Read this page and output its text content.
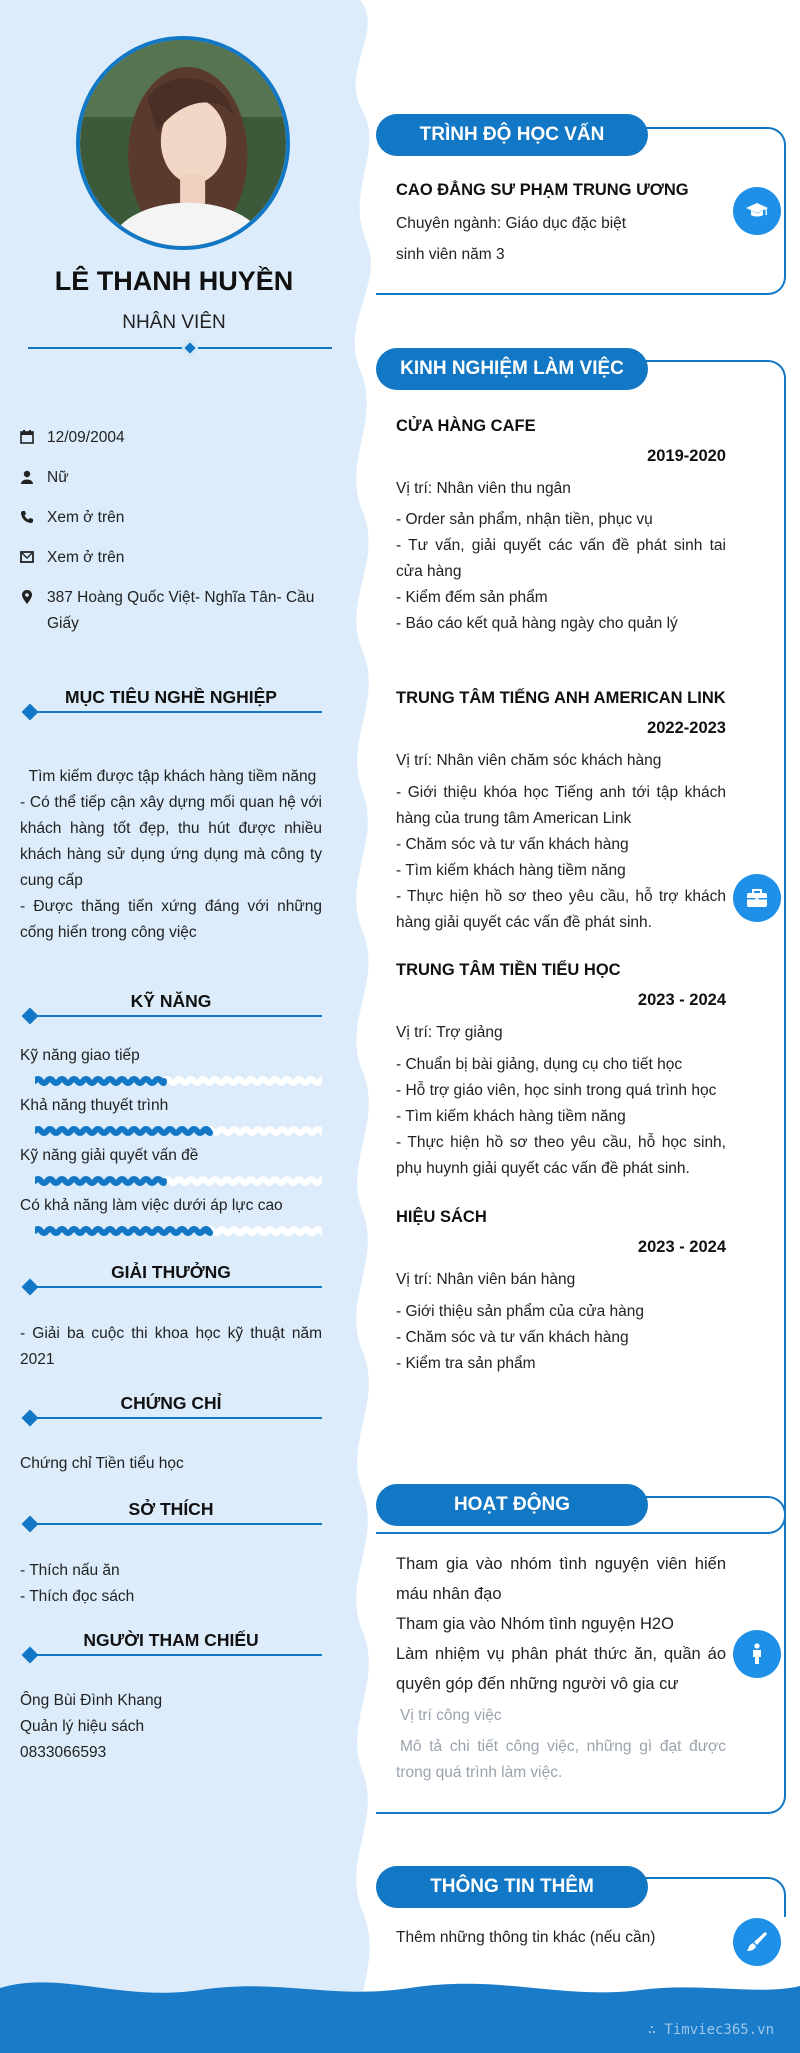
∴ Timviec365.vn
LÊ THANH HUYỀN
NHÂN VIÊN
12/09/2004
Nữ
Xem ở trên
Xem ở trên
387 Hoàng Quốc Việt- Nghĩa Tân- Cầu Giấy
MỤC TIÊU NGHỀ NGHIỆP
Tìm kiếm được tập khách hàng tiềm năng
- Có thể tiếp cận xây dựng mối quan hệ với khách hàng tốt đẹp, thu hút được nhiều khách hàng sử dụng ứng dụng mà công ty cung cấp
- Được thăng tiến xứng đáng với những cống hiến trong công việc
KỸ NĂNG
Kỹ năng giao tiếp
Khả năng thuyết trình
Kỹ năng giải quyết vấn đề
Có khả năng làm việc dưới áp lực cao
GIẢI THƯỞNG
- Giải ba cuộc thi khoa học kỹ thuật năm 2021
CHỨNG CHỈ
Chứng chỉ Tiền tiểu học
SỞ THÍCH
- Thích nấu ăn
- Thích đọc sách
NGƯỜI THAM CHIẾU
Ông Bùi Đình Khang
Quản lý hiệu sách
0833066593
TRÌNH ĐỘ HỌC VẤN
CAO ĐẲNG SƯ PHẠM TRUNG ƯƠNG
Chuyên ngành: Giáo dục đặc biệt
sinh viên năm 3
KINH NGHIỆM LÀM VIỆC
CỬA HÀNG CAFE
2019-2020
Vị trí: Nhân viên thu ngân
- Order sản phẩm, nhận tiền, phục vụ
- Tư vấn, giải quyết các vấn đề phát sinh tai cửa hàng
- Kiểm đếm sản phẩm
- Báo cáo kết quả hàng ngày cho quản lý
TRUNG TÂM TIẾNG ANH AMERICAN LINK
2022-2023
Vị trí: Nhân viên chăm sóc khách hàng
- Giới thiệu khóa học Tiếng anh tới tập khách hàng của trung tâm American Link
- Chăm sóc và tư vấn khách hàng
- Tìm kiếm khách hàng tiềm năng
- Thực hiện hồ sơ theo yêu cầu, hỗ trợ khách hàng giải quyết các vấn đề phát sinh.
TRUNG TÂM TIỀN TIỂU HỌC
2023 - 2024
Vị trí: Trợ giảng
- Chuẩn bị bài giảng, dụng cụ cho tiết học
- Hỗ trợ giáo viên, học sinh trong quá trình học
- Tìm kiếm khách hàng tiềm năng
- Thực hiện hồ sơ theo yêu cầu, hỗ học sinh, phụ huynh giải quyết các vấn đề phát sinh.
HIỆU SÁCH
2023 - 2024
Vị trí: Nhân viên bán hàng
- Giới thiệu sản phẩm của cửa hàng
- Chăm sóc và tư vấn khách hàng
- Kiểm tra sản phẩm
HOẠT ĐỘNG
Tham gia vào nhóm tình nguyện viên hiến máu nhân đạo
Tham gia vào Nhóm tình nguyện H2O
Làm nhiệm vụ phân phát thức ăn, quần áo quyên góp đến những người vô gia cư
Vị trí công việc
Mô tả chi tiết công việc, những gì đạt được trong quá trình làm việc.
THÔNG TIN THÊM
Thêm những thông tin khác (nếu cần)
